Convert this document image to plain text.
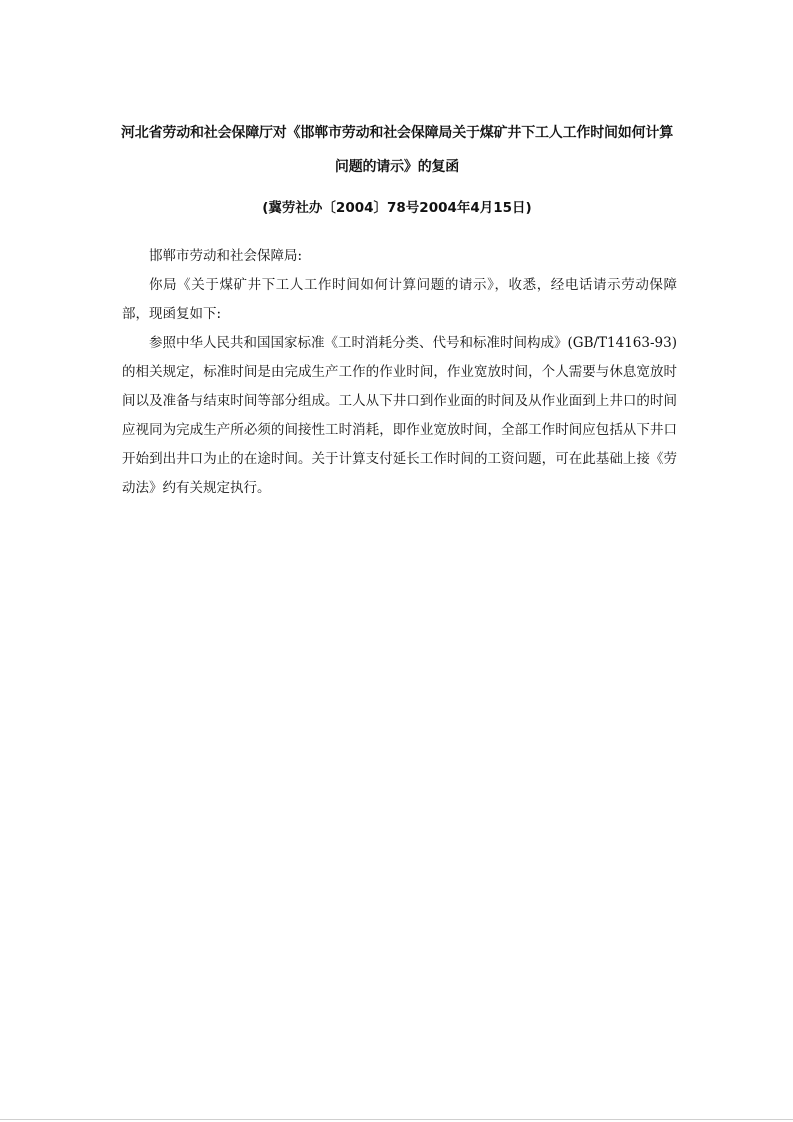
河北省劳动和社会保障厅对《邯郸市劳动和社会保障局关于煤矿井下工人工作时间如何计算
问题的请示》的复函
(冀劳社办〔2004〕78号2004年4月15日)

邯郸市劳动和社会保障局:

你局《关于煤矿井下工人工作时间如何计算问题的请示》，收悉，经电话请示劳动保障部，现函复如下:

参照中华人民共和国国家标准《工时消耗分类、代号和标准时间构成》(GB/T14163-93)的相关规定，标准时间是由完成生产工作的作业时间，作业宽放时间，个人需要与休息宽放时间以及准备与结束时间等部分组成。工人从下井口到作业面的时间及从作业面到上井口的时间应视同为完成生产所必须的间接性工时消耗，即作业宽放时间，全部工作时间应包括从下井口开始到出井口为止的在途时间。关于计算支付延长工作时间的工资问题，可在此基础上接《劳动法》约有关规定执行。
